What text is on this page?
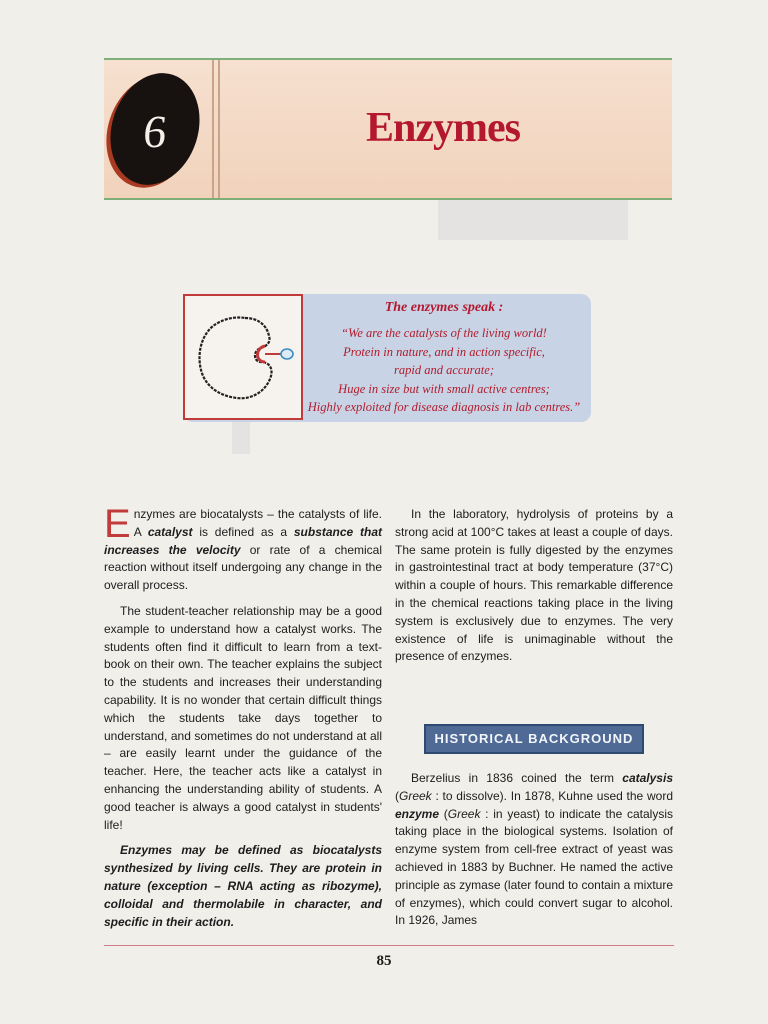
6	Enzymes
The enzymes speak :
“We are the catalysts of the living world!
Protein in nature, and in action specific,
rapid and accurate;
Huge in size but with small active centres;
Highly exploited for disease diagnosis in lab centres.”

Enzymes are biocatalysts – the catalysts of life. A catalyst is defined as a substance that increases the velocity or rate of a chemical reaction without itself undergoing any change in the overall process.

The student-teacher relationship may be a good example to understand how a catalyst works. The students often find it difficult to learn from a text-book on their own. The teacher explains the subject to the students and increases their understanding capability. It is no wonder that certain difficult things which the students take days together to understand, and sometimes do not understand at all – are easily learnt under the guidance of the teacher. Here, the teacher acts like a catalyst in enhancing the understanding ability of students. A good teacher is always a good catalyst in students' life!

Enzymes may be defined as biocatalysts synthesized by living cells. They are protein in nature (exception – RNA acting as ribozyme), colloidal and thermolabile in character, and specific in their action.

In the laboratory, hydrolysis of proteins by a strong acid at 100°C takes at least a couple of days. The same protein is fully digested by the enzymes in gastrointestinal tract at body temperature (37°C) within a couple of hours. This remarkable difference in the chemical reactions taking place in the living system is exclusively due to enzymes. The very existence of life is unimaginable without the presence of enzymes.

HISTORICAL BACKGROUND

Berzelius in 1836 coined the term catalysis (Greek : to dissolve). In 1878, Kuhne used the word enzyme (Greek : in yeast) to indicate the catalysis taking place in the biological systems. Isolation of enzyme system from cell-free extract of yeast was achieved in 1883 by Buchner. He named the active principle as zymase (later found to contain a mixture of enzymes), which could convert sugar to alcohol. In 1926, James

85
